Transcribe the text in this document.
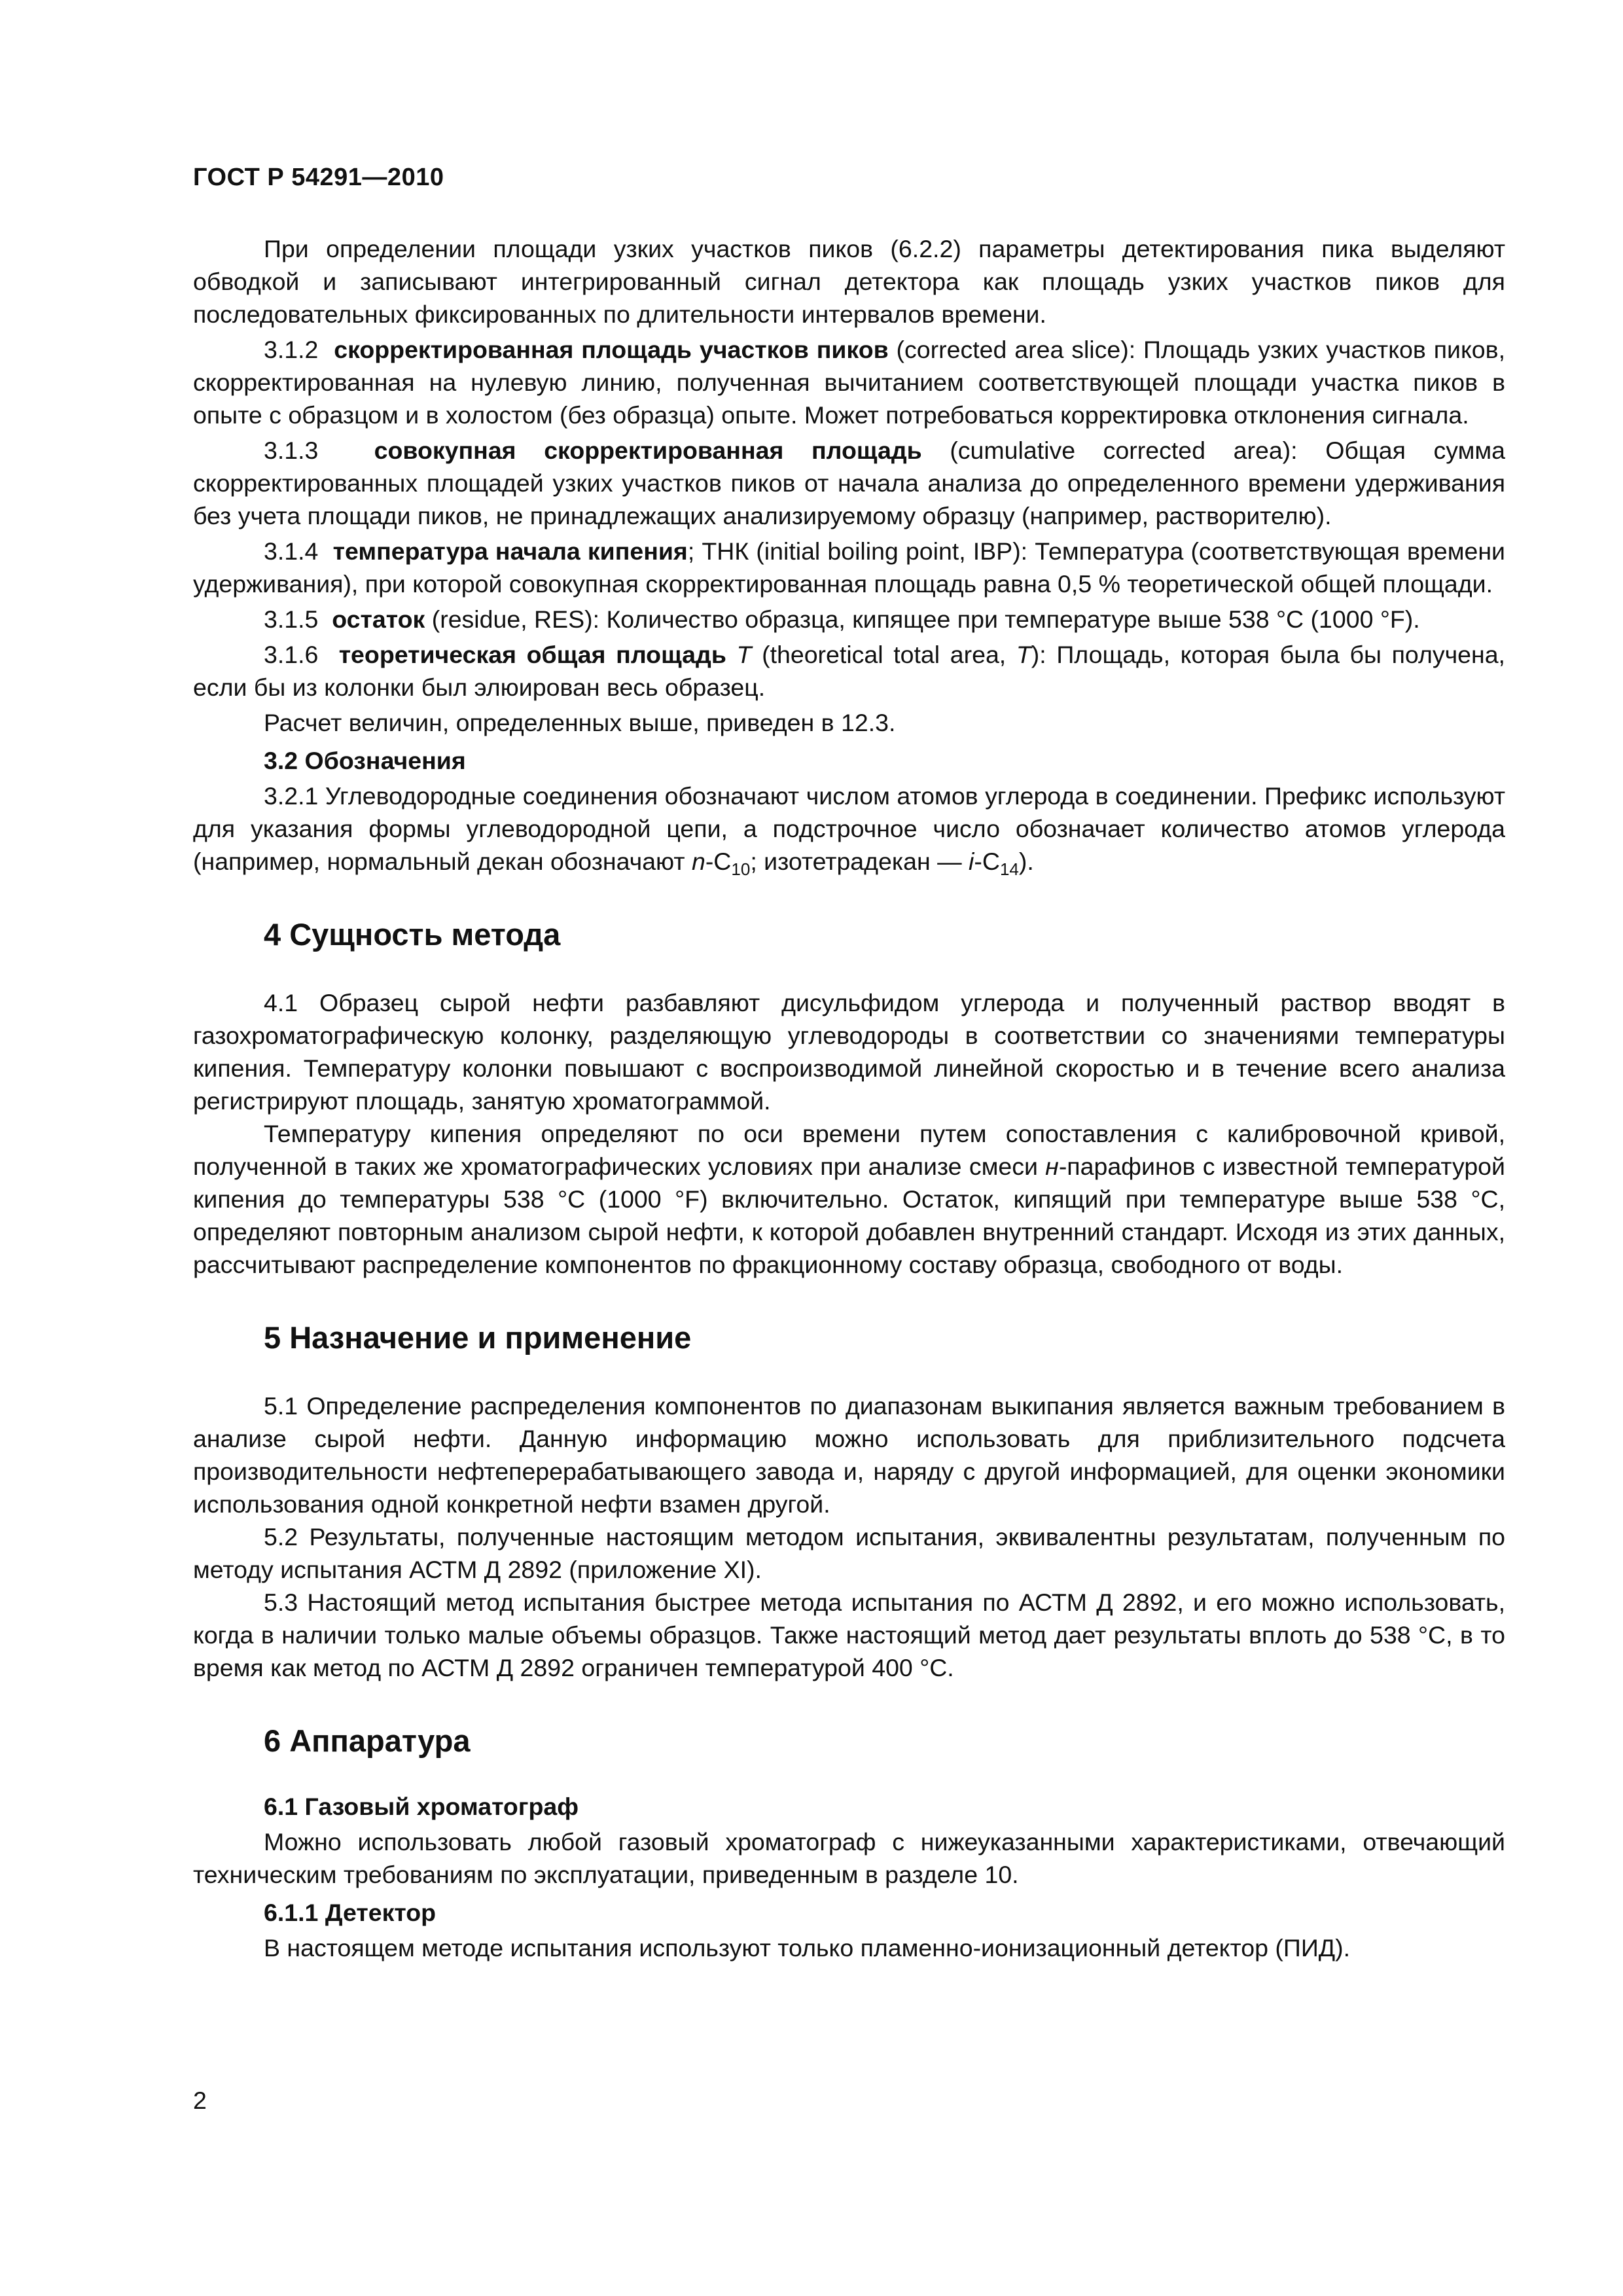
ГОСТ Р 54291—2010

При определении площади узких участков пиков (6.2.2) параметры детектирования пика выделяют обводкой и записывают интегрированный сигнал детектора как площадь узких участков пиков для последовательных фиксированных по длительности интервалов времени.

3.1.2 скорректированная площадь участков пиков (corrected area slice): Площадь узких участков пиков, скорректированная на нулевую линию, полученная вычитанием соответствующей площади участка пиков в опыте с образцом и в холостом (без образца) опыте. Может потребоваться корректировка отклонения сигнала.

3.1.3 совокупная скорректированная площадь (cumulative corrected area): Общая сумма скорректированных площадей узких участков пиков от начала анализа до определенного времени удерживания без учета площади пиков, не принадлежащих анализируемому образцу (например, растворителю).

3.1.4 температура начала кипения; ТНК (initial boiling point, IBP): Температура (соответствующая времени удерживания), при которой совокупная скорректированная площадь равна 0,5 % теоретической общей площади.

3.1.5 остаток (residue, RES): Количество образца, кипящее при температуре выше 538 °С (1000 °F).

3.1.6 теоретическая общая площадь T (theoretical total area, T): Площадь, которая была бы получена, если бы из колонки был элюирован весь образец.

Расчет величин, определенных выше, приведен в 12.3.

3.2 Обозначения

3.2.1 Углеводородные соединения обозначают числом атомов углерода в соединении. Префикс используют для указания формы углеводородной цепи, а подстрочное число обозначает количество атомов углерода (например, нормальный декан обозначают $n-С_{10}$; изотетрадекан — $i-С_{14}$).

4 Сущность метода

4.1 Образец сырой нефти разбавляют дисульфидом углерода и полученный раствор вводят в газохроматографическую колонку, разделяющую углеводороды в соответствии со значениями температуры кипения. Температуру колонки повышают с воспроизводимой линейной скоростью и в течение всего анализа регистрируют площадь, занятую хроматограммой.

Температуру кипения определяют по оси времени путем сопоставления с калибровочной кривой, полученной в таких же хроматографических условиях при анализе смеси н-парафинов с известной температурой кипения до температуры 538 °С (1000 °F) включительно. Остаток, кипящий при температуре выше 538 °С, определяют повторным анализом сырой нефти, к которой добавлен внутренний стандарт. Исходя из этих данных, рассчитывают распределение компонентов по фракционному составу образца, свободного от воды.

5 Назначение и применение

5.1 Определение распределения компонентов по диапазонам выкипания является важным требованием в анализе сырой нефти. Данную информацию можно использовать для приблизительного подсчета производительности нефтеперерабатывающего завода и, наряду с другой информацией, для оценки экономики использования одной конкретной нефти взамен другой.

5.2 Результаты, полученные настоящим методом испытания, эквивалентны результатам, полученным по методу испытания АСТМ Д 2892 (приложение XI).

5.3 Настоящий метод испытания быстрее метода испытания по АСТМ Д 2892, и его можно использовать, когда в наличии только малые объемы образцов. Также настоящий метод дает результаты вплоть до 538 °С, в то время как метод по АСТМ Д 2892 ограничен температурой 400 °С.

6 Аппаратура
6.1 Газовый хроматограф

Можно использовать любой газовый хроматограф с нижеуказанными характеристиками, отвечающий техническим требованиям по эксплуатации, приведенным в разделе 10.

6.1.1 Детектор

В настоящем методе испытания используют только пламенно-ионизационный детектор (ПИД).

2
